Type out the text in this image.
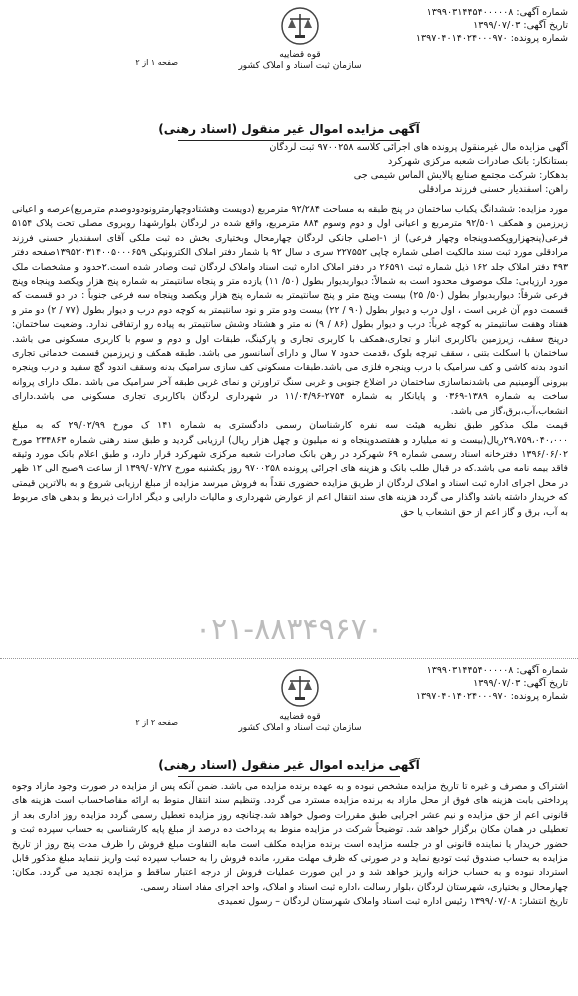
شماره آگهی: ۱۳۹۹۰۳۱۴۴۵۴۰۰۰۰۰۸
تاریخ آگهی: ۱۳۹۹/۰۷/۰۳
شماره پرونده: ۱۳۹۷۰۴۰۱۴۰۲۴۰۰۰۹۷۰
قوه قضاییه
سازمان ثبت اسناد و املاک کشور
صفحه ۱ از ۲
آگهی مزایده اموال غیر منقول (اسناد رهنی)
آگهی مزایده مال غیرمنقول پرونده های اجرائی کلاسه ۹۷۰۰۲۵۸ ثبت لردگان
بستانکار: بانک صادرات شعبه مرکزی شهرکرد
بدهکار: شرکت مجتمع صنایع پالایش الماس شیمی جی
راهن: اسفندیار حسنی فرزند مرادقلی
مورد مزایده: ششدانگ یکباب ساختمان در پنج طبقه به مساحت ۹۲/۲۸۴ مترمربع (دویست وهشتادوچهارمترونودودوصدم مترمربع)عرصه و اعیانی زیرزمین و همکف ۹۲/۵۰۱ مترمربع و اعیانی اول و دوم وسوم ۸۸۴ مترمربع، واقع شده در لردگان بلوارشهدا روبروی مصلی تحت پلاک ۵۱۵۴ فرعی(پنجهزاروپکصدوپنجاه وچهار فرعی) از ۱-اصلی جانکی لردگان چهارمحال وبختیاری بخش ده ثبت ملکی آقای اسفندیار حسنی فرزند مرادقلی مورد ثبت سند مالکیت اصلی شماره چاپی ۲۲۷۵۵۲ سری د سال ۹۲ با شمار دفتر املاک الکترونیکی ۱۳۹۵۲۰۳۱۴۰۰۵۰۰۰۶۵۹صفحه دفتر ۴۹۳ دفتر املاک جلد ۱۶۲ ذیل شماره ثبت ۲۶۵۹۱ در دفتر املاک اداره ثبت اسناد واملاک لردگان ثبت وصادر شده است.۲حدود و مشخصات ملک مورد ارزیابی: ملک موصوف محدود است به شمالاً: دیواربدیوار بطول (۵۰/ ۱۱) یازده متر و پنجاه سانتیمتر به شماره پنج هزار ویکصد وپنجاه وپنج فرعی شرقاً: دیواربدیوار بطول (۵۰/ ۲۵) بیست وپنج متر و پنج سانتیمتر به شماره پنج هزار ویکصد وپنجاه سه فرعی جنوباً : در دو قسمت که قسمت دوم آن غربی است ، اول درب و دیوار بطول (۹۰ / ۲۲) بیست ودو متر و نود سانتیمتر به کوچه دوم درب و دیوار بطول (۷۷ / ۲) دو متر و هفتاد وهفت سانتیمتر به کوچه غرباً: درب و دیوار بطول (۸۶ / ۹) نه متر و هشتاد وشش سانتیمتر به پیاده رو ارتفاقی ندارد. وضعیت ساختمان: درپنج سقف، زیرزمین باکاربری انبار و تجاری،همکف با کاربری تجاری و پارکینگ، طبقات اول و دوم و سوم با کاربری مسکونی می باشد. ساختمان با اسکلت بتنی ، سقف تیرچه بلوک ،قدمت حدود ۷ سال و دارای آسانسور می باشد. طبقه همکف و زیرزمین قسمت خدماتی تجاری اندود بدنه کاشی و کف سرامیک با درب وپنجره فلزی می باشد.طبقات مسکونی کف سازی سرامیک بدنه وسقف اندود گچ سفید و درب وپنجره بیرونی آلومینیم می باشدنماسازی ساختمان در اضلاع جنوبی و غربی سنگ تراورتن و نمای غربی طبقه آخر سرامیک می باشد .ملک دارای پروانه ساخت به شماره ۱۳۸۹-۰۳۶۹ و پایانکار به شماره ۲۷۵۴-۱۱/۰۴/۹۶ در شهرداری لردگان باکاربری تجاری مسکونی می باشد.دارای انشعاب،آب،برق،گاز می باشد.
قیمت ملک مذکور طبق نظریه هیئت سه نفره کارشناسان رسمی دادگستری به شماره ۱۴۱ ک مورخ ۲۹/۰۲/۹۹ که به مبلغ ۲۹،۷۵۹،۰۴۰،۰۰۰ریال(بیست و نه میلیارد و هفتصدوپنجاه و نه میلیون و چهل هزار ریال) ارزیابی گردید و طبق سند رهنی شماره ۲۳۴۸۶۳ مورخ ۱۳۹۶/۰۶/۰۲ دفترخانه اسناد رسمی شماره ۶۹ شهرکرد در رهن بانک صادرات شعبه مرکزی شهرکرد قرار دارد، و طبق اعلام بانک مورد وثیقه فاقد بیمه نامه می باشد.که در قبال طلب بانک و هزینه های اجرائی پرونده ۹۷۰۰۲۵۸ روز یکشنبه مورخ ۱۳۹۹/۰۷/۲۷ از ساعت ۹صبح الی ۱۲ ظهر در محل اجرای اداره ثبت اسناد و املاک لردگان از طریق مزایده حضوری نقداً به فروش میرسد مزایده از مبلغ ارزیابی شروع و به بالاترین قیمتی که خریدار داشته باشد واگذار می گردد هزینه های سند انتقال اعم از عوارض شهرداری و مالیات دارایی و دیگر ادارات ذیربط و بدهی های مربوط به آب، برق و گاز اعم از حق انشعاب یا حق
۰۲۱-۸۸۳۴۹۶۷۰
شماره آگهی: ۱۳۹۹۰۳۱۴۴۵۴۰۰۰۰۰۸
تاریخ آگهی: ۱۳۹۹/۰۷/۰۳
شماره پرونده: ۱۳۹۷۰۴۰۱۴۰۲۴۰۰۰۹۷۰
قوه قضاییه
سازمان ثبت اسناد و املاک کشور
صفحه ۲ از ۲
آگهی مزایده اموال غیر منقول (اسناد رهنی)
اشتراک و مصرف و غیره تا تاریخ مزایده مشخص نبوده و به عهده برنده مزایده می باشد. ضمن آنکه پس از مزایده در صورت وجود مازاد وجوه پرداختی بابت هزینه های فوق از محل مازاد به برنده مزایده مسترد می گردد. وتنظیم سند انتقال منوط به ارائه مفاصاحساب است هزینه های قانونی اعم از حق مزایده و نیم عشر اجرایی طبق مقررات وصول خواهد شد.چنانچه روز مزایده تعطیل رسمی گردد مزایده روز اداری بعد از تعطیلی در همان مکان برگزار خواهد شد. توضیحاً شرکت در مزایده منوط به پرداخت ده درصد از مبلغ پایه کارشناسی به حساب سپرده ثبت و حضور خریدار یا نماینده قانونی او در جلسه مزایده است برنده مزایده مکلف است مابه التفاوت مبلغ فروش را ظرف مدت پنج روز از تاریخ مزایده به حساب صندوق ثبت تودیع نماید و در صورتی که ظرف مهلت مقرر، مانده فروش را به حساب سپرده ثبت واریز ننماید مبلغ مذکور قابل استرداد نبوده و به حساب خزانه واریز خواهد شد و در این صورت عملیات فروش از درجه اعتبار ساقط و مزایده تجدید می گردد. مکان: چهارمحال و بختیاری، شهرستان لردگان ،بلوار رسالت ،اداره ثبت اسناد و املاک، واحد اجرای مفاد اسناد رسمی.
تاریخ انتشار: ۱۳۹۹/۰۷/۰۸ رئیس اداره ثبت اسناد واملاک شهرستان لردگان – رسول تعمیدی
